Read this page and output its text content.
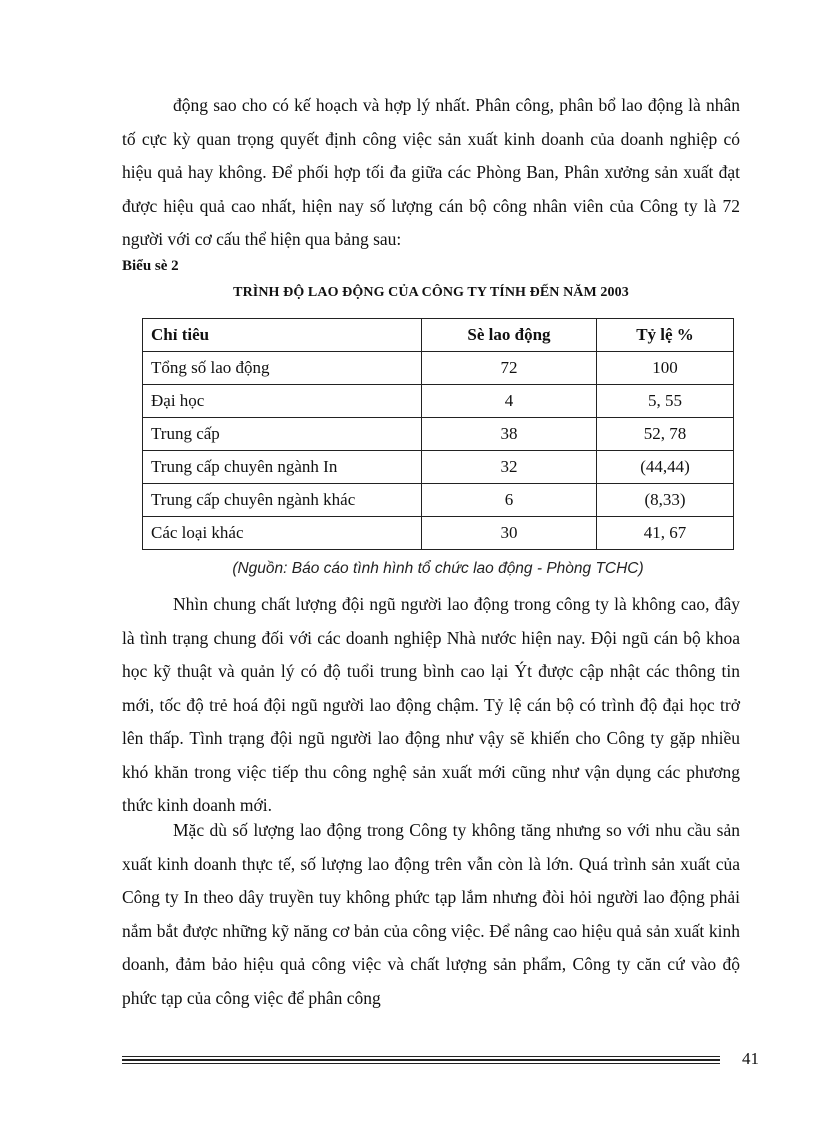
động sao cho có kế hoạch và hợp lý nhất. Phân công, phân bổ lao động là nhân tố cực kỳ quan trọng quyết định công việc sản xuất kinh doanh của doanh nghiệp có hiệu quả hay không. Để phối hợp tối đa giữa các Phòng Ban, Phân xưởng sản xuất đạt được hiệu quả cao nhất, hiện nay số lượng cán bộ công nhân viên của Công ty là 72 người với cơ cấu thể hiện qua bảng sau:

Biểu sè 2

TRÌNH ĐỘ LAO ĐỘNG CỦA CÔNG TY TÍNH ĐẾN NĂM 2003

Chỉ tiêu	Sè lao động	Tỷ lệ %
Tổng số lao động	72	100
Đại học	4	5, 55
Trung cấp	38	52, 78
Trung cấp chuyên ngành In	32	(44,44)
Trung cấp chuyên ngành khác	6	(8,33)
Các loại khác	30	41, 67

(Nguồn: Báo cáo tình hình tổ chức lao động - Phòng TCHC)

Nhìn chung chất lượng đội ngũ người lao động trong công ty là không cao, đây là tình trạng chung đối với các doanh nghiệp Nhà nước hiện nay. Đội ngũ cán bộ khoa học kỹ thuật và quản lý có độ tuổi trung bình cao lại Ýt được cập nhật các thông tin mới, tốc độ trẻ hoá đội ngũ người lao động chậm. Tỷ lệ cán bộ có trình độ đại học trở lên thấp. Tình trạng đội ngũ người lao động như vậy sẽ khiến cho Công ty gặp nhiều khó khăn trong việc tiếp thu công nghệ sản xuất mới cũng như vận dụng các phương thức kinh doanh mới.

Mặc dù số lượng lao động trong Công ty không tăng nhưng so với nhu cầu sản xuất kinh doanh thực tế, số lượng lao động trên vẫn còn là lớn. Quá trình sản xuất của Công ty In theo dây truyền tuy không phức tạp lắm nhưng đòi hỏi người lao động phải nắm bắt được những kỹ năng cơ bản của công việc. Để nâng cao hiệu quả sản xuất kinh doanh, đảm bảo hiệu quả công việc và chất lượng sản phẩm, Công ty căn cứ vào độ phức tạp của công việc để phân công

41
